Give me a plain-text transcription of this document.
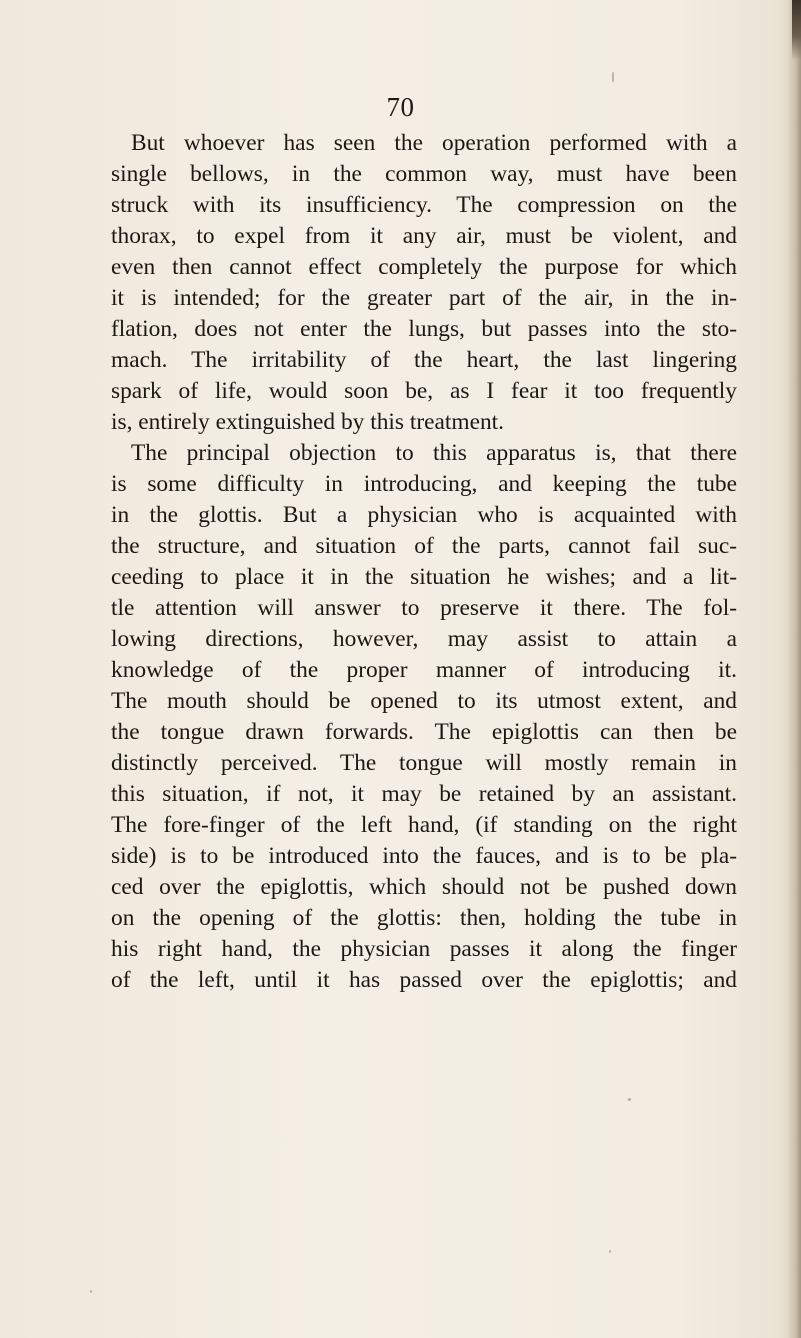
70
But whoever has seen the operation performed with a
single bellows, in the common way, must have been
struck with its insufficiency. The compression on the
thorax, to expel from it any air, must be violent, and
even then cannot effect completely the purpose for which
it is intended; for the greater part of the air, in the in-
flation, does not enter the lungs, but passes into the sto-
mach. The irritability of the heart, the last lingering
spark of life, would soon be, as I fear it too frequently
is, entirely extinguished by this treatment.
The principal objection to this apparatus is, that there
is some difficulty in introducing, and keeping the tube
in the glottis. But a physician who is acquainted with
the structure, and situation of the parts, cannot fail suc-
ceeding to place it in the situation he wishes; and a lit-
tle attention will answer to preserve it there. The fol-
lowing directions, however, may assist to attain a
knowledge of the proper manner of introducing it.
The mouth should be opened to its utmost extent, and
the tongue drawn forwards. The epiglottis can then be
distinctly perceived. The tongue will mostly remain in
this situation, if not, it may be retained by an assistant.
The fore-finger of the left hand, (if standing on the right
side) is to be introduced into the fauces, and is to be pla-
ced over the epiglottis, which should not be pushed down
on the opening of the glottis: then, holding the tube in
his right hand, the physician passes it along the finger
of the left, until it has passed over the epiglottis; and
